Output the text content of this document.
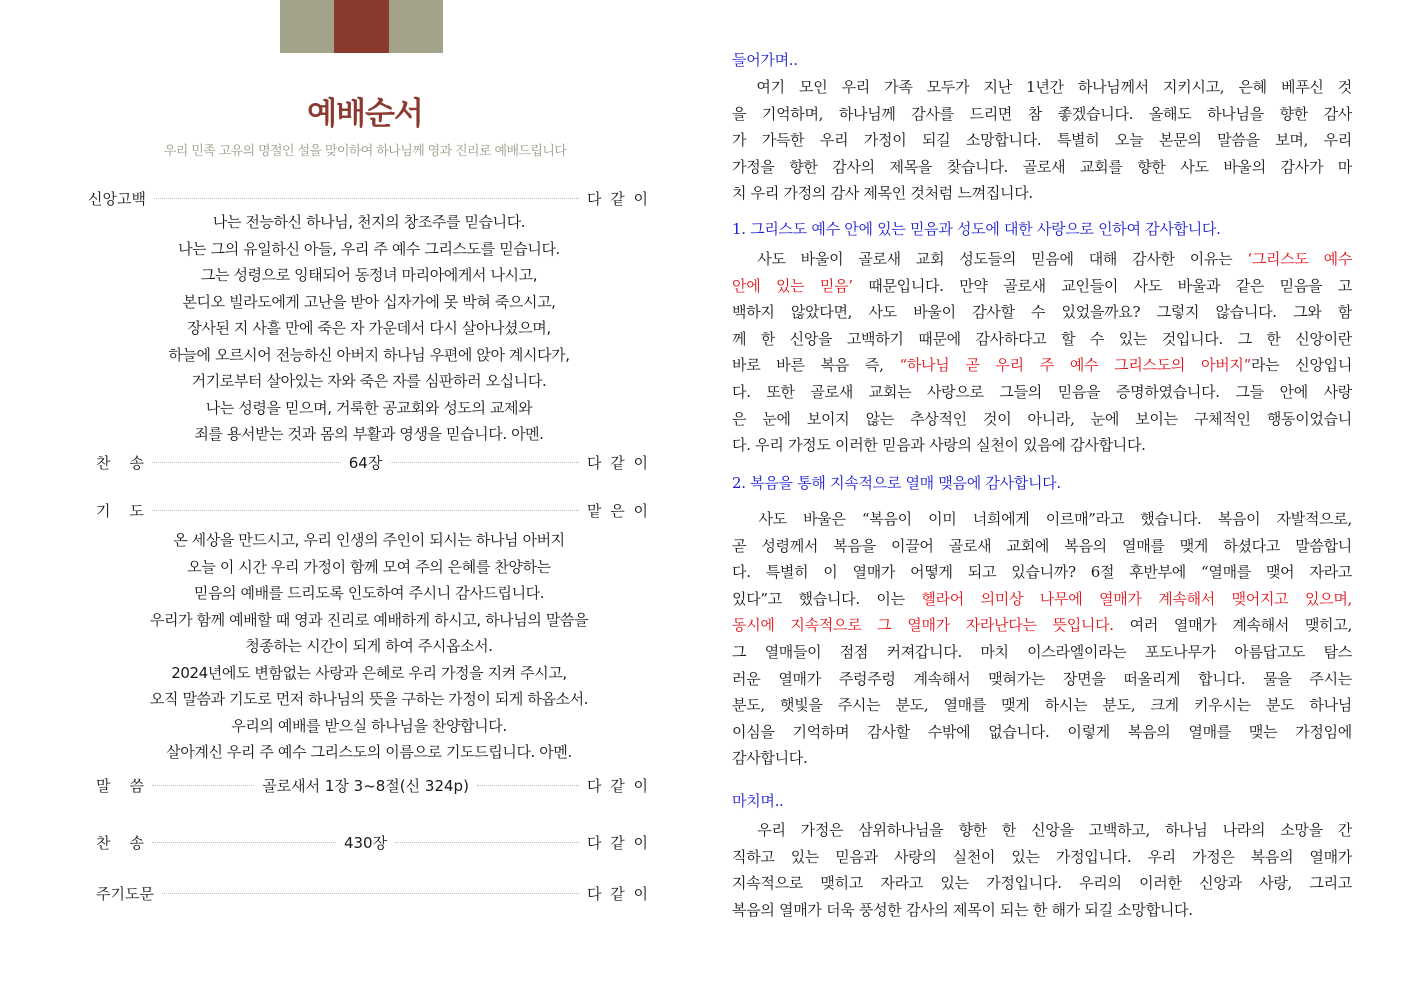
예배순서
우리 민족 고유의 명절인 설을 맞이하여 하나님께 영과 진리로 예배드립니다
신앙고백	다 같 이
나는 전능하신 하나님, 천지의 창조주를 믿습니다.
나는 그의 유일하신 아들, 우리 주 예수 그리스도를 믿습니다.
그는 성령으로 잉태되어 동정녀 마리아에게서 나시고,
본디오 빌라도에게 고난을 받아 십자가에 못 박혀 죽으시고,
장사된 지 사흘 만에 죽은 자 가운데서 다시 살아나셨으며,
하늘에 오르시어 전능하신 아버지 하나님 우편에 앉아 계시다가,
거기로부터 살아있는 자와 죽은 자를 심판하러 오십니다.
나는 성령을 믿으며, 거룩한 공교회와 성도의 교제와
죄를 용서받는 것과 몸의 부활과 영생을 믿습니다. 아멘.
찬    송	64장	다 같 이
기    도	맡 은 이
온 세상을 만드시고, 우리 인생의 주인이 되시는 하나님 아버지
오늘 이 시간 우리 가정이 함께 모여 주의 은혜를 찬양하는
믿음의 예배를 드리도록 인도하여 주시니 감사드립니다.
우리가 함께 예배할 때 영과 진리로 예배하게 하시고, 하나님의 말씀을
청종하는 시간이 되게 하여 주시옵소서.
2024년에도 변함없는 사랑과 은혜로 우리 가정을 지켜 주시고,
오직 말씀과 기도로 먼저 하나님의 뜻을 구하는 가정이 되게 하옵소서.
우리의 예배를 받으실 하나님을 찬양합니다.
살아계신 우리 주 예수 그리스도의 이름으로 기도드립니다. 아멘.
말    씀	골로새서 1장 3~8절(신 324p)	다 같 이
찬    송	430장	다 같 이
주기도문	다 같 이
들어가며..
　여기 모인 우리 가족 모두가 지난 1년간 하나님께서 지키시고, 은혜 베푸신 것
을 기억하며, 하나님께 감사를 드리면 참 좋겠습니다. 올해도 하나님을 향한 감사
가 가득한 우리 가정이 되길 소망합니다. 특별히 오늘 본문의 말씀을 보며, 우리
가정을 향한 감사의 제목을 찾습니다. 골로새 교회를 향한 사도 바울의 감사가 마
치 우리 가정의 감사 제목인 것처럼 느껴집니다.
1. 그리스도 예수 안에 있는 믿음과 성도에 대한 사랑으로 인하여 감사합니다.
　사도 바울이 골로새 교회 성도들의 믿음에 대해 감사한 이유는 ‘그리스도 예수
안에 있는 믿음’ 때문입니다. 만약 골로새 교인들이 사도 바울과 같은 믿음을 고
백하지 않았다면, 사도 바울이 감사할 수 있었을까요? 그렇지 않습니다. 그와 함
께 한 신앙을 고백하기 때문에 감사하다고 할 수 있는 것입니다. 그 한 신앙이란
바로 바른 복음 즉, “하나님 곧 우리 주 예수 그리스도의 아버지”라는 신앙입니
다. 또한 골로새 교회는 사랑으로 그들의 믿음을 증명하였습니다. 그들 안에 사랑
은 눈에 보이지 않는 추상적인 것이 아니라, 눈에 보이는 구체적인 행동이었습니
다. 우리 가정도 이러한 믿음과 사랑의 실천이 있음에 감사합니다.
2. 복음을 통해 지속적으로 열매 맺음에 감사합니다.
　사도 바울은 “복음이 이미 너희에게 이르매”라고 했습니다. 복음이 자발적으로,
곧 성령께서 복음을 이끌어 골로새 교회에 복음의 열매를 맺게 하셨다고 말씀합니
다. 특별히 이 열매가 어떻게 되고 있습니까? 6절 후반부에 “열매를 맺어 자라고
있다”고 했습니다. 이는 헬라어 의미상 나무에 열매가 계속해서 맺어지고 있으며,
동시에 지속적으로 그 열매가 자라난다는 뜻입니다. 여러 열매가 계속해서 맺히고,
그 열매들이 점점 커져갑니다. 마치 이스라엘이라는 포도나무가 아름답고도 탐스
러운 열매가 주렁주렁 계속해서 맺혀가는 장면을 떠올리게 합니다. 물을 주시는
분도, 햇빛을 주시는 분도, 열매를 맺게 하시는 분도, 크게 키우시는 분도 하나님
이심을 기억하며 감사할 수밖에 없습니다. 이렇게 복음의 열매를 맺는 가정임에
감사합니다.
마치며..
　우리 가정은 삼위하나님을 향한 한 신앙을 고백하고, 하나님 나라의 소망을 간
직하고 있는 믿음과 사랑의 실천이 있는 가정입니다. 우리 가정은 복음의 열매가
지속적으로 맺히고 자라고 있는 가정입니다. 우리의 이러한 신앙과 사랑, 그리고
복음의 열매가 더욱 풍성한 감사의 제목이 되는 한 해가 되길 소망합니다.
